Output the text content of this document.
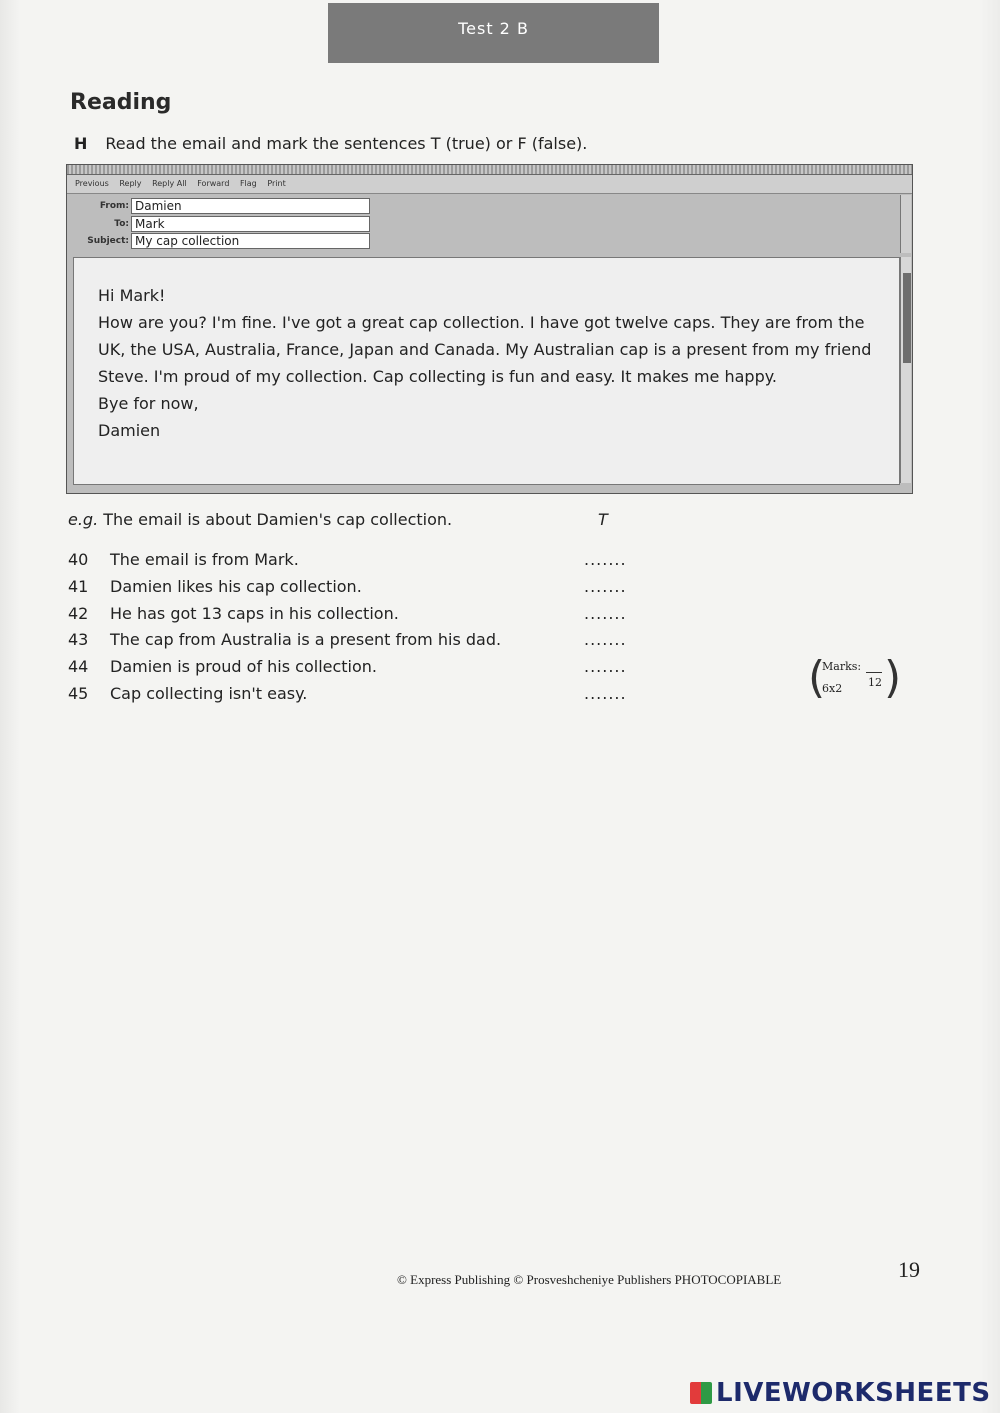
Test 2 B
Reading
H Read the email and mark the sentences T (true) or F (false).
Previous Reply Reply All Forward Flag Print
From: Damien
To: Mark
Subject: My cap collection

Hi Mark!

How are you? I'm fine. I've got a great cap collection. I have got twelve caps. They are from the UK, the USA, Australia, France, Japan and Canada. My Australian cap is a present from my friend Steve. I'm proud of my collection. Cap collecting is fun and easy. It makes me happy.

Bye for now,

Damien

e.g. The email is about Damien's cap collection.	T
40 The email is from Mark.	.......
41 Damien likes his cap collection.	.......
42 He has got 13 caps in his collection.	.......
43 The cap from Australia is a present from his dad.	.......
44 Damien is proud of his collection.	.......
45 Cap collecting isn't easy.	.......	(
Marks:
6x2 12 )
© Express Publishing © Prosveshcheniye Publishers PHOTOCOPIABLE	19
LIVEWORKSHEETS
